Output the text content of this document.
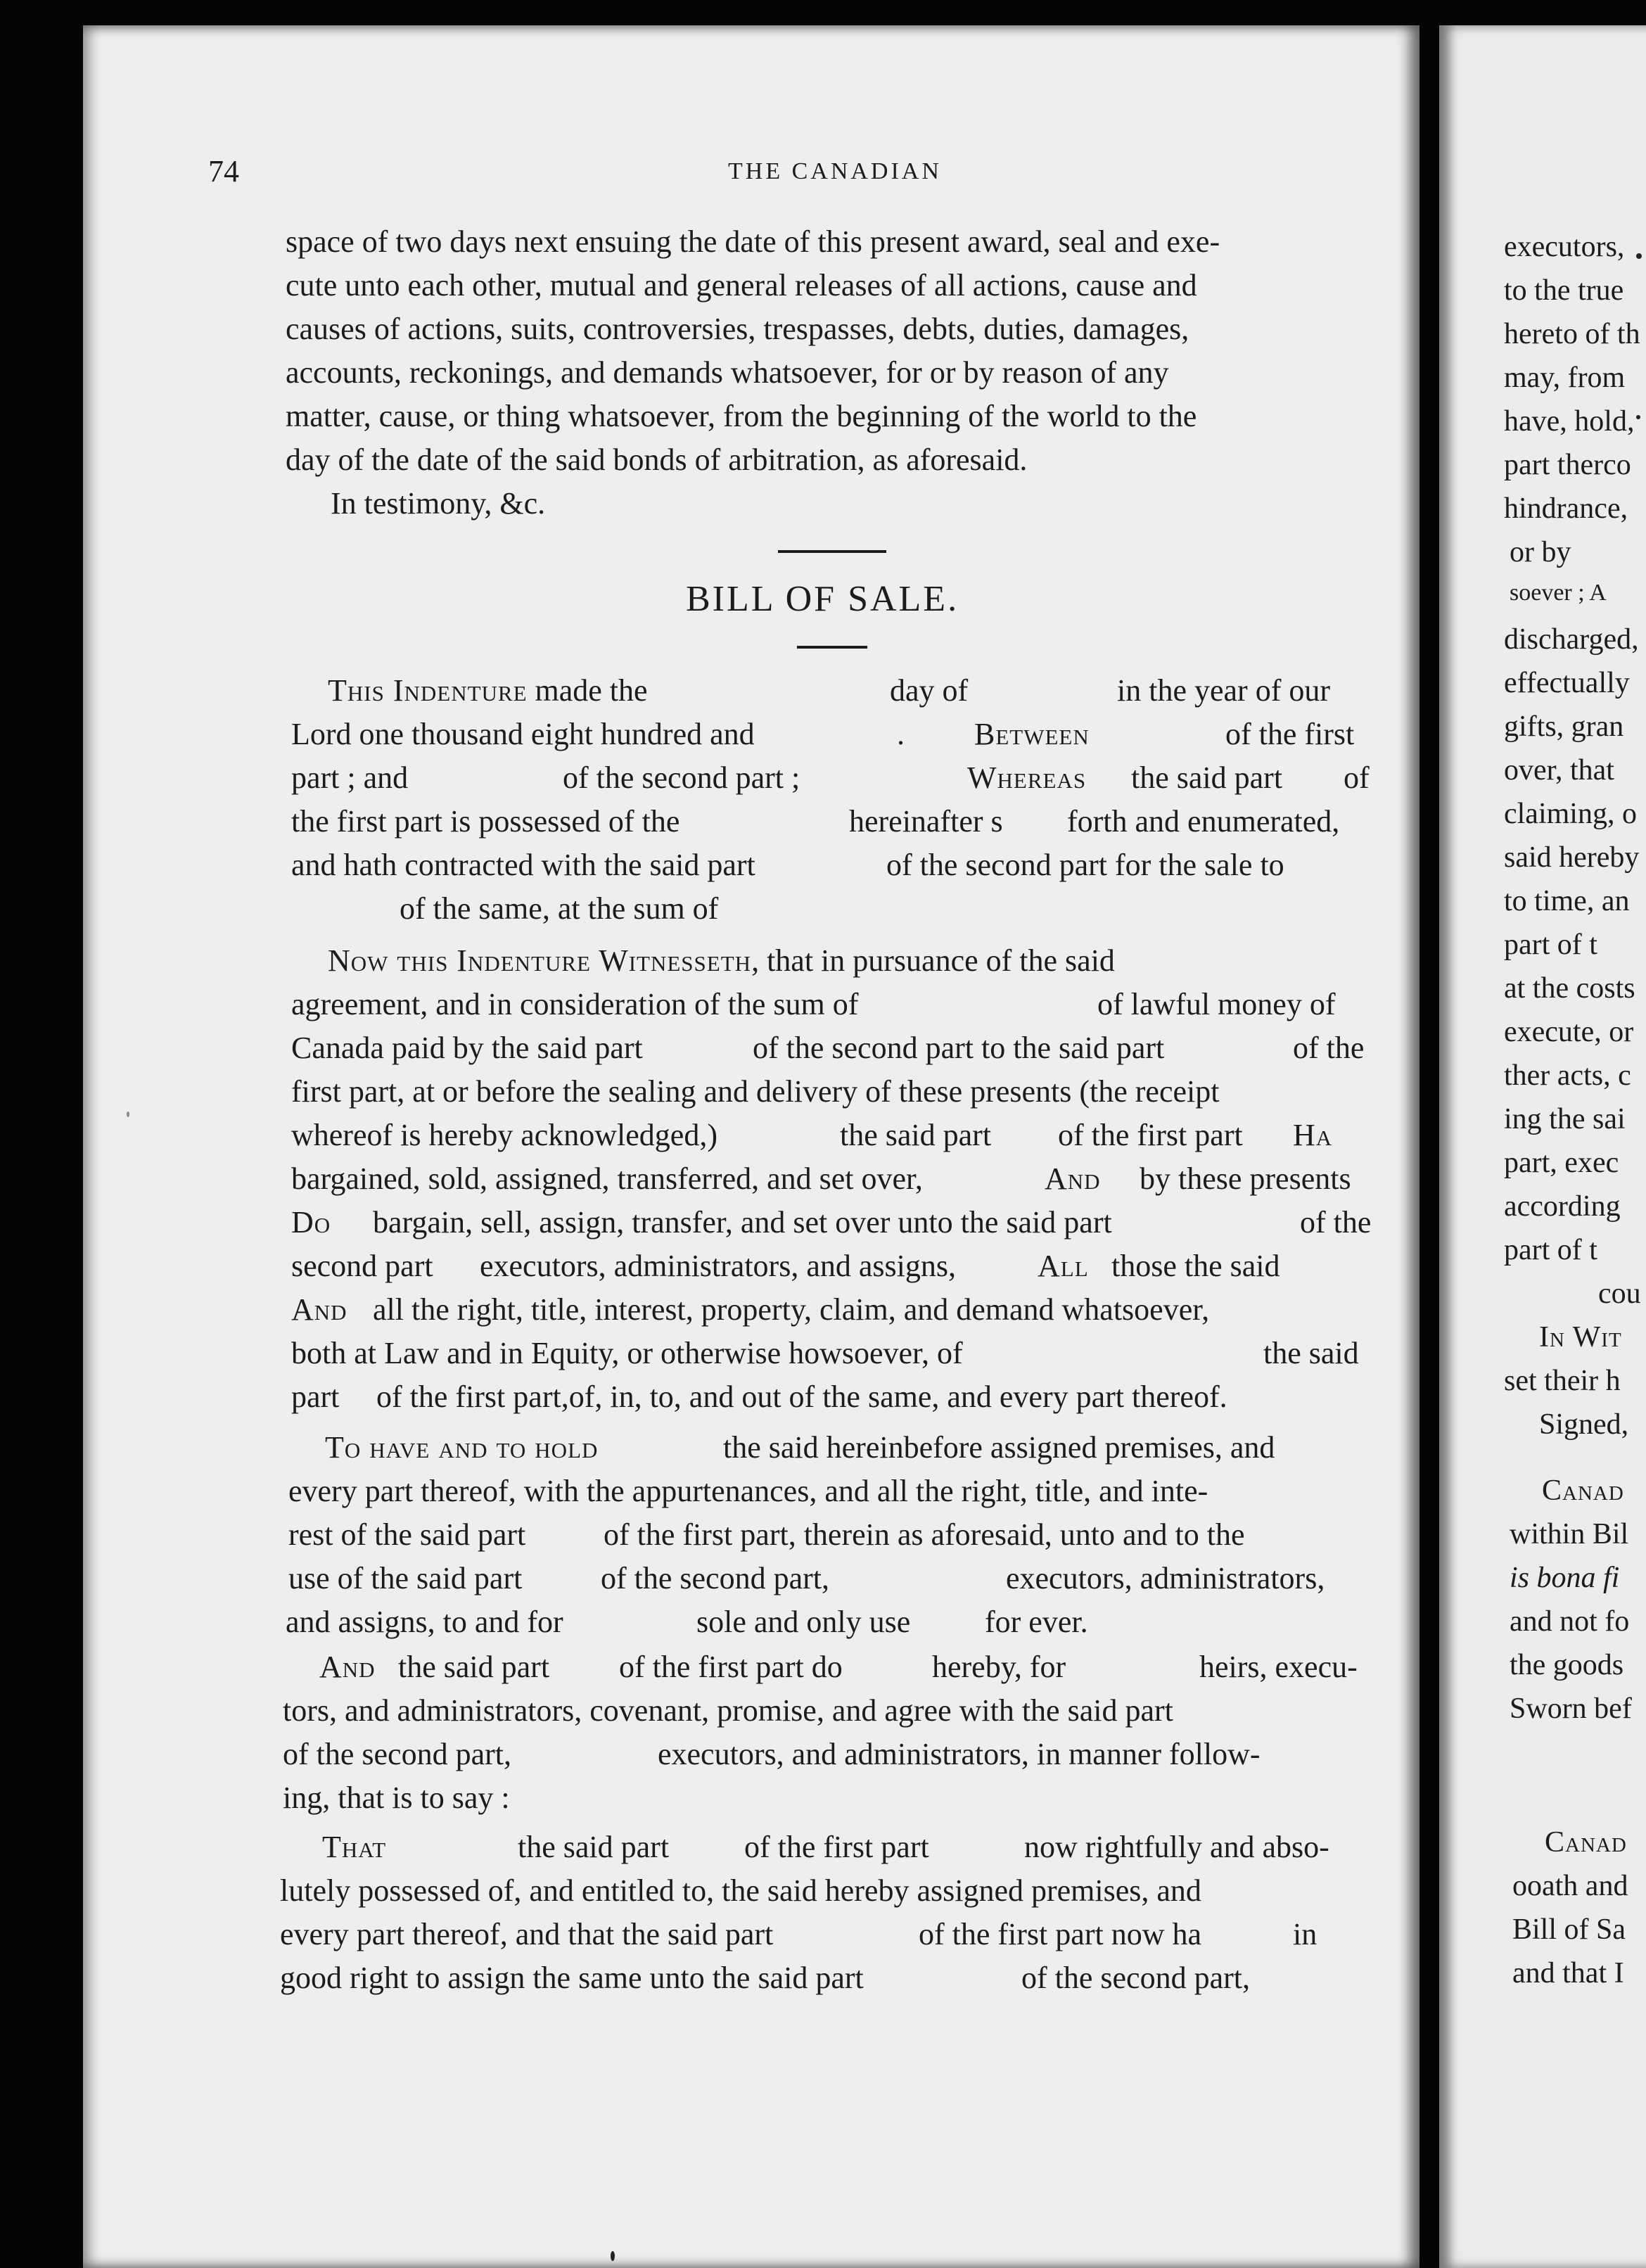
74	THE CANADIAN
space of two days next ensuing the date of this present award, seal and exe-
cute unto each other, mutual and general releases of all actions, cause and
causes of actions, suits, controversies, trespasses, debts, duties, damages,
accounts, reckonings, and demands whatsoever, for or by reason of any
matter, cause, or thing whatsoever, from the beginning of the world to the
day of the date of the said bonds of arbitration, as aforesaid.
In testimony, &c.
BILL OF SALE.
This Indenture made the	day of	in the year of our
Lord one thousand eight hundred and	. Between	of the first
part ; and	of the second part ;	Whereas the said part of
the first part is possessed of the	hereinafter s forth and enumerated,
and hath contracted with the said part	of the second part for the sale to
of the same, at the sum of
Now this Indenture Witnesseth, that in pursuance of the said
agreement, and in consideration of the sum of	of lawful money of
Canada paid by the said part	of the second part to the said part	of the
first part, at or before the sealing and delivery of these presents (the receipt
whereof is hereby acknowledged,)	the said part of the first part Ha
bargained, sold, assigned, transferred, and set over,	And by these presents
Do bargain, sell, assign, transfer, and set over unto the said part	of the
second part executors, administrators, and assigns,	All those the said
And all the right, title, interest, property, claim, and demand whatsoever,
both at Law and in Equity, or otherwise howsoever, of	the said
part of the first part,of, in, to, and out of the same, and every part thereof.
To have and to hold	the said hereinbefore assigned premises, and
every part thereof, with the appurtenances, and all the right, title, and inte-
rest of the said part	of the first part, therein as aforesaid, unto and to the
use of the said part	of the second part,	executors, administrators,
and assigns, to and for	sole and only use for ever.
And the said part of the first part do	hereby, for	heirs, execu-
tors, and administrators, covenant, promise, and agree with the said part
of the second part,	executors, and administrators, in manner follow-
ing, that is to say :
That	the said part of the first part	now rightfully and abso-
lutely possessed of, and entitled to, the said hereby assigned premises, and
every part thereof, and that the said part	of the first part now ha	in
good right to assign the same unto the said part	of the second part,
executors,
to the true
hereto of th
may, from
have, hold,
part therco
hindrance,
or by
soever ; A
discharged,
effectually
gifts, gran
over, that
claiming, o
said hereby
to time, an
part of t
at the costs
execute, or
ther acts, c
ing the sai
part, exec
according
part of t
cou
In Wit
set their h
Signed,
Canad
within Bil
is bona fi
and not fo
the goods
Sworn bef
Canad
ooath and
Bill of Sa
and that I
